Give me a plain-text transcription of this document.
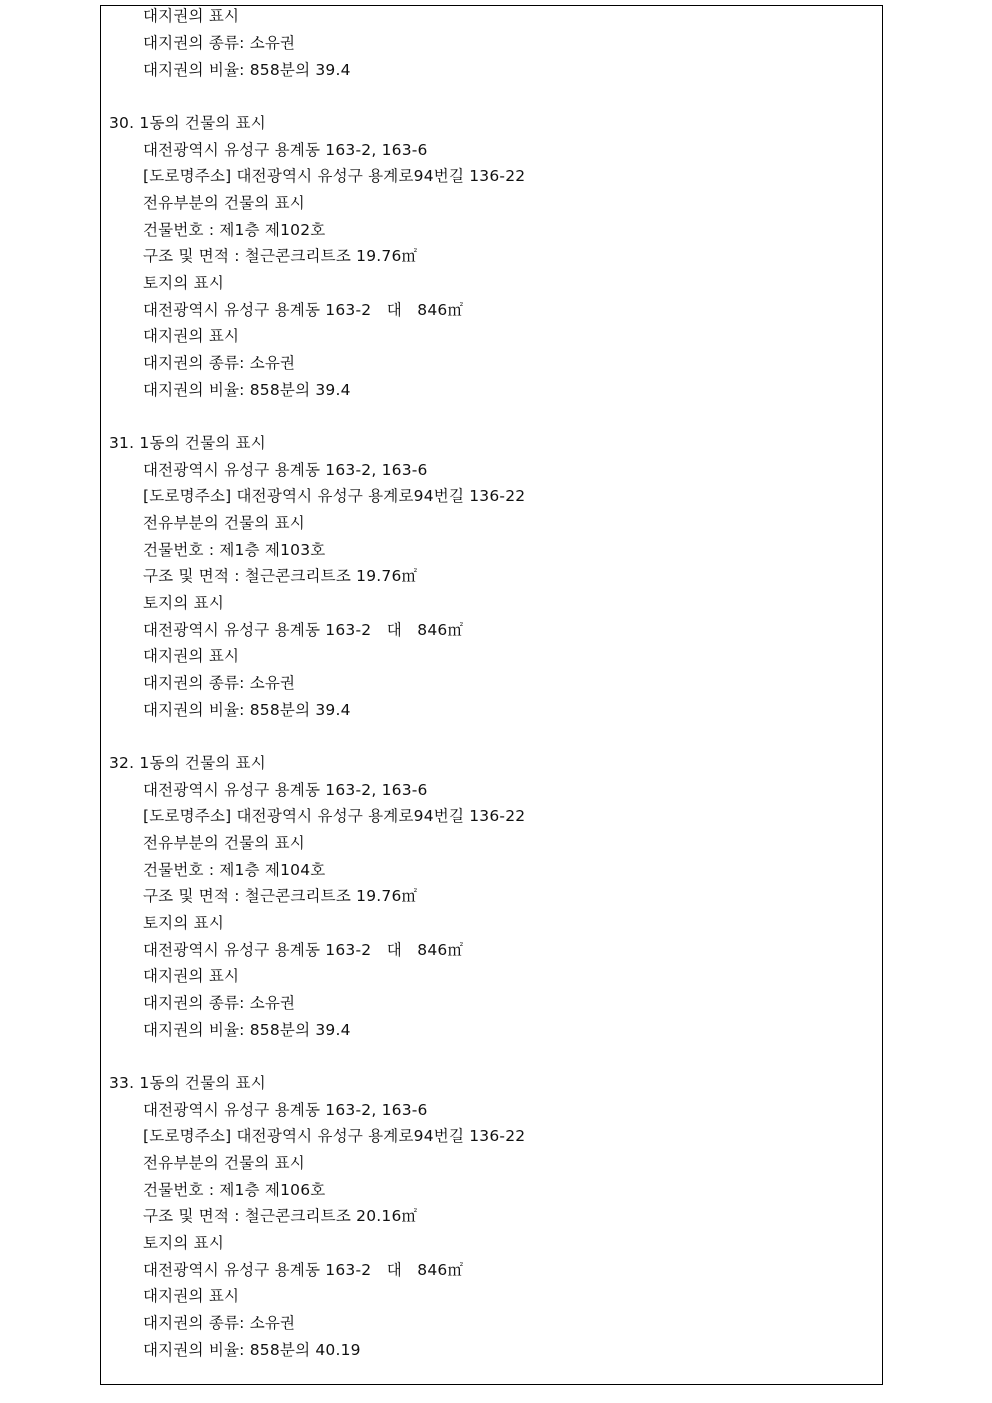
대지권의 표시
대지권의 종류: 소유권
대지권의 비율: 858분의 39.4
30. 1동의 건물의 표시
대전광역시 유성구 용계동 163-2, 163-6
[도로명주소] 대전광역시 유성구 용계로94번길 136-22
전유부분의 건물의 표시
건물번호 : 제1층 제102호
구조 및 면적 : 철근콘크리트조 19.76㎡
토지의 표시
대전광역시 유성구 용계동 163-2   대   846㎡
대지권의 표시
대지권의 종류: 소유권
대지권의 비율: 858분의 39.4
31. 1동의 건물의 표시
대전광역시 유성구 용계동 163-2, 163-6
[도로명주소] 대전광역시 유성구 용계로94번길 136-22
전유부분의 건물의 표시
건물번호 : 제1층 제103호
구조 및 면적 : 철근콘크리트조 19.76㎡
토지의 표시
대전광역시 유성구 용계동 163-2   대   846㎡
대지권의 표시
대지권의 종류: 소유권
대지권의 비율: 858분의 39.4
32. 1동의 건물의 표시
대전광역시 유성구 용계동 163-2, 163-6
[도로명주소] 대전광역시 유성구 용계로94번길 136-22
전유부분의 건물의 표시
건물번호 : 제1층 제104호
구조 및 면적 : 철근콘크리트조 19.76㎡
토지의 표시
대전광역시 유성구 용계동 163-2   대   846㎡
대지권의 표시
대지권의 종류: 소유권
대지권의 비율: 858분의 39.4
33. 1동의 건물의 표시
대전광역시 유성구 용계동 163-2, 163-6
[도로명주소] 대전광역시 유성구 용계로94번길 136-22
전유부분의 건물의 표시
건물번호 : 제1층 제106호
구조 및 면적 : 철근콘크리트조 20.16㎡
토지의 표시
대전광역시 유성구 용계동 163-2   대   846㎡
대지권의 표시
대지권의 종류: 소유권
대지권의 비율: 858분의 40.19
